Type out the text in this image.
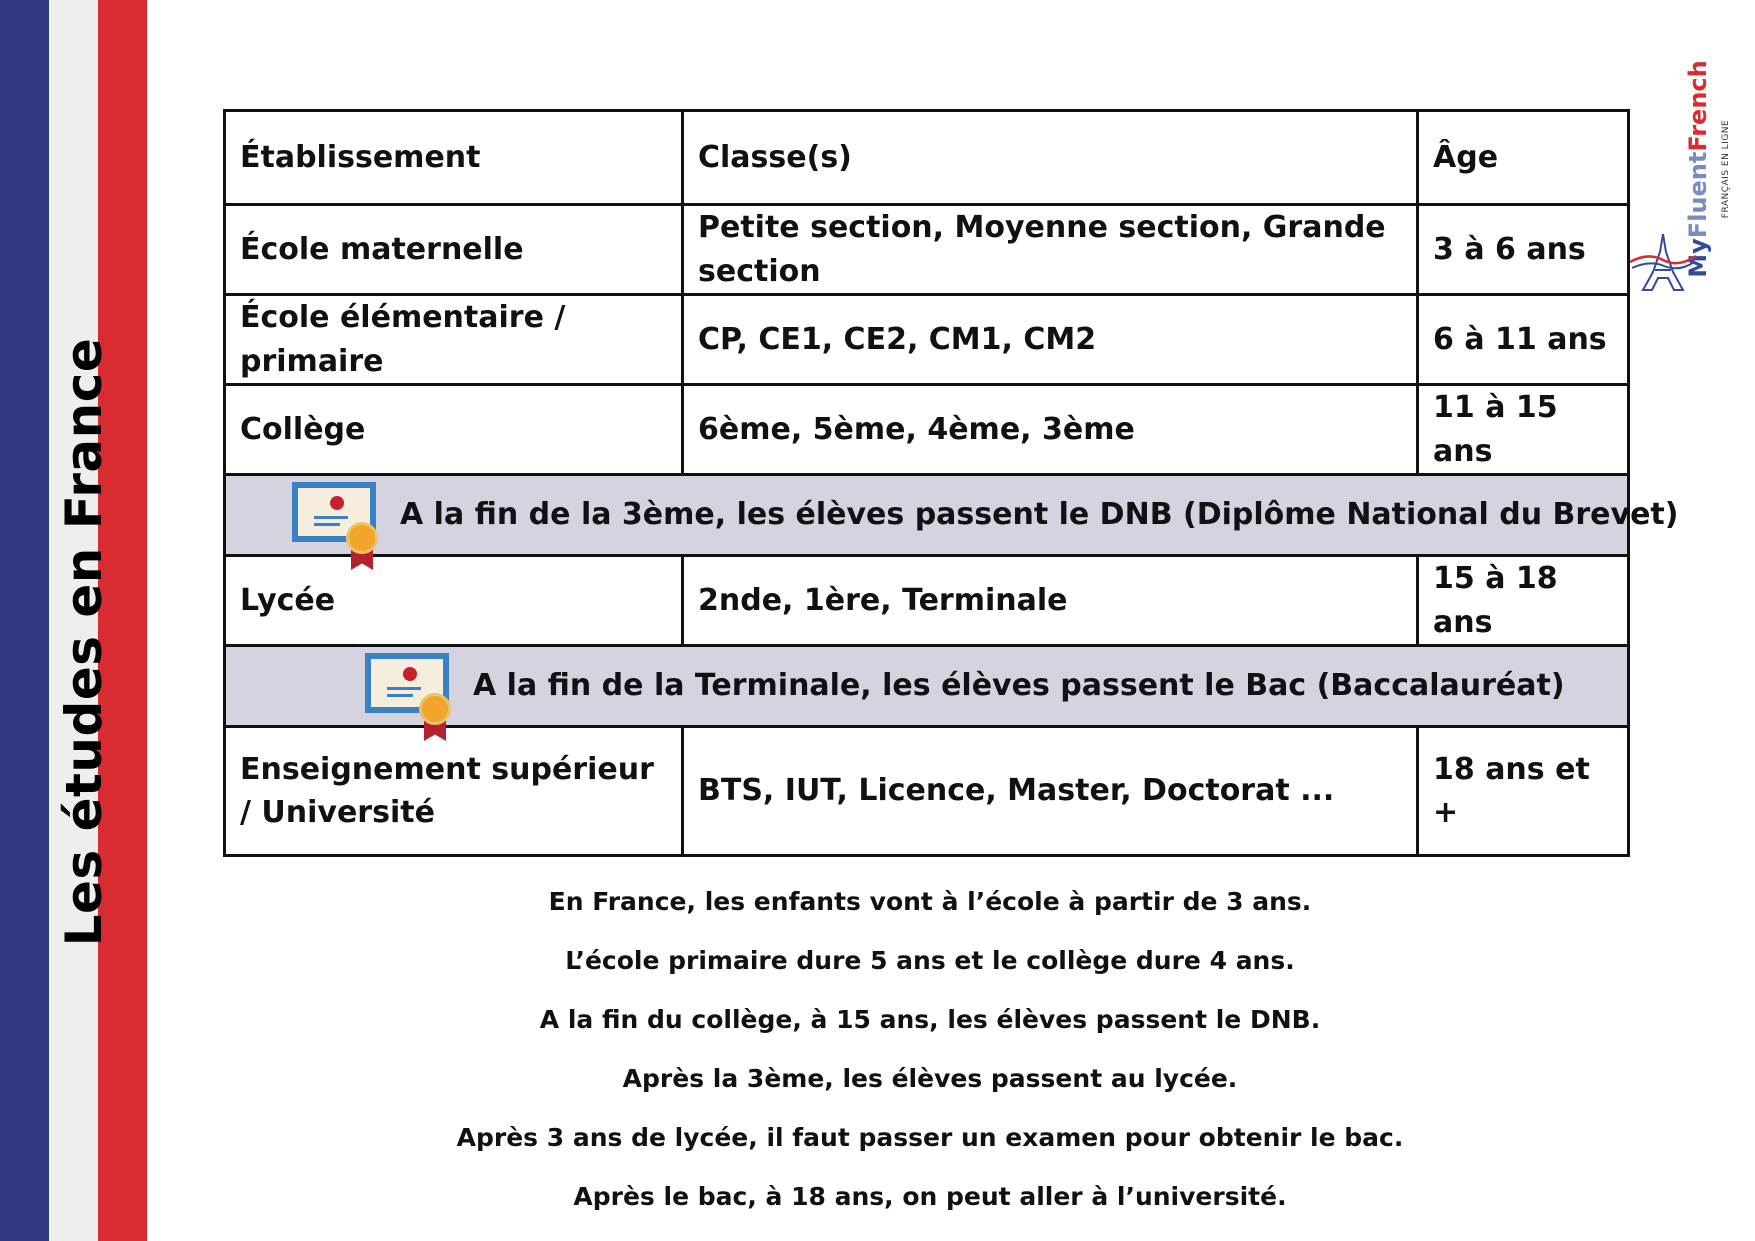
Les études en France
MyFluentFrench
FRANÇAIS EN LIGNE
Établissement	Classe(s)	Âge
École maternelle	Petite section, Moyenne section, Grande section	3 à 6 ans
École élémentaire / primaire	CP, CE1, CE2, CM1, CM2	6 à 11 ans
Collège	6ème, 5ème, 4ème, 3ème	11 à 15 ans

A la fin de la 3ème, les élèves passent le DNB (Diplôme National du Brevet)		

Lycée	2nde, 1ère, Terminale	15 à 18 ans

A la fin de la Terminale, les élèves passent le Bac (Baccalauréat)		

Enseignement supérieur / Université	BTS, IUT, Licence, Master, Doctorat ...	18 ans et +

En France, les enfants vont à l’école à partir de 3 ans.

L’école primaire dure 5 ans et le collège dure 4 ans.

A la fin du collège, à 15 ans, les élèves passent le DNB.

Après la 3ème, les élèves passent au lycée.

Après 3 ans de lycée, il faut passer un examen pour obtenir le bac.

Après le bac, à 18 ans, on peut aller à l’université.
